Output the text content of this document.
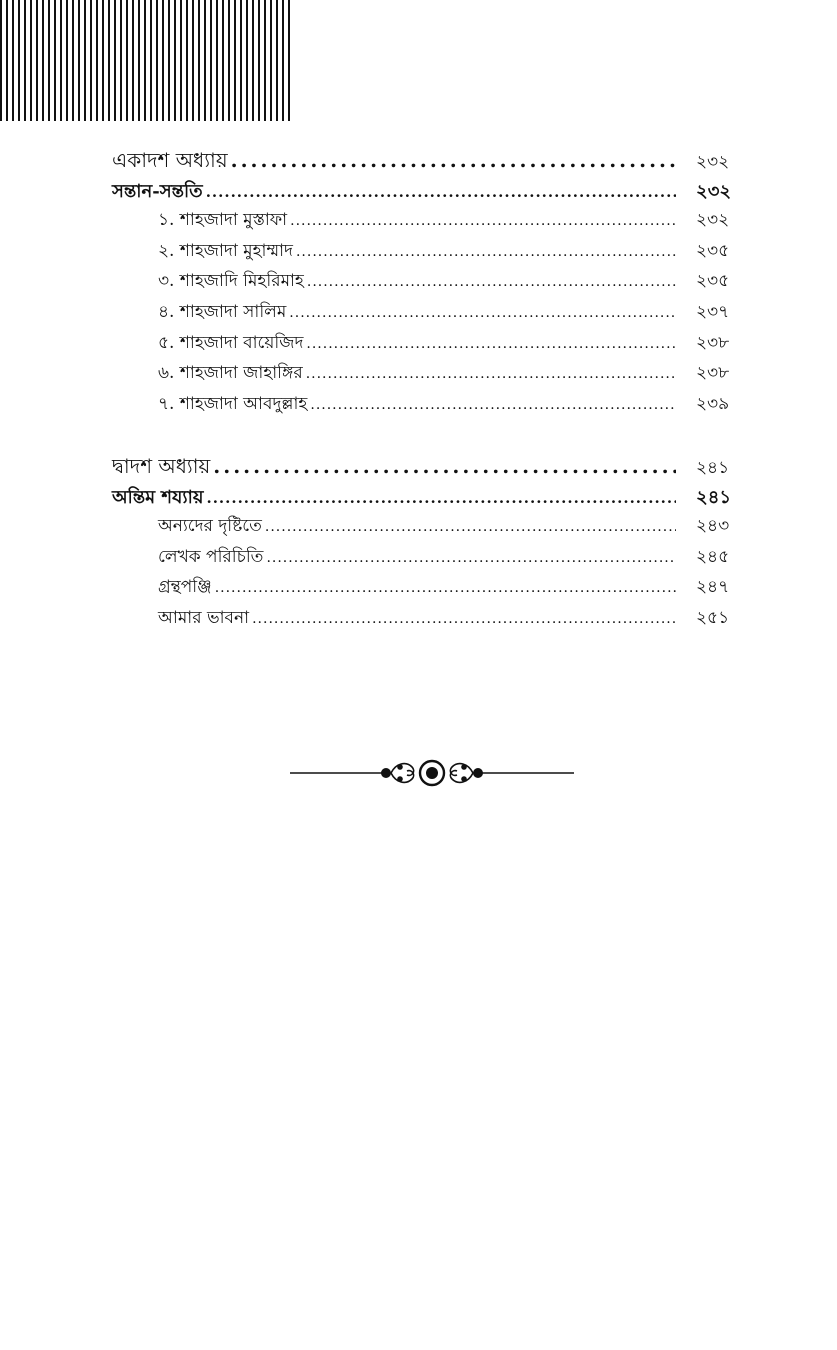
একাদশ অধ্যায় .....	২৩২
সন্তান-সন্ততি .....	২৩২
১. শাহজাদা মুস্তাফা .....	২৩২
২. শাহজাদা মুহাম্মাদ .....	২৩৫
৩. শাহজাদি মিহরিমাহ .....	২৩৫
৪. শাহজাদা সালিম .....	২৩৭
৫. শাহজাদা বায়েজিদ .....	২৩৮
৬. শাহজাদা জাহাঙ্গির .....	২৩৮
৭. শাহজাদা আবদুল্লাহ .....	২৩৯
দ্বাদশ অধ্যায় .....	২৪১
অন্তিম শয্যায় .....	২৪১
অন্যদের দৃষ্টিতে .....	২৪৩
লেখক পরিচিতি .....	২৪৫
গ্রন্থপঞ্জি .....	২৪৭
আমার ভাবনা .....	২৫১
